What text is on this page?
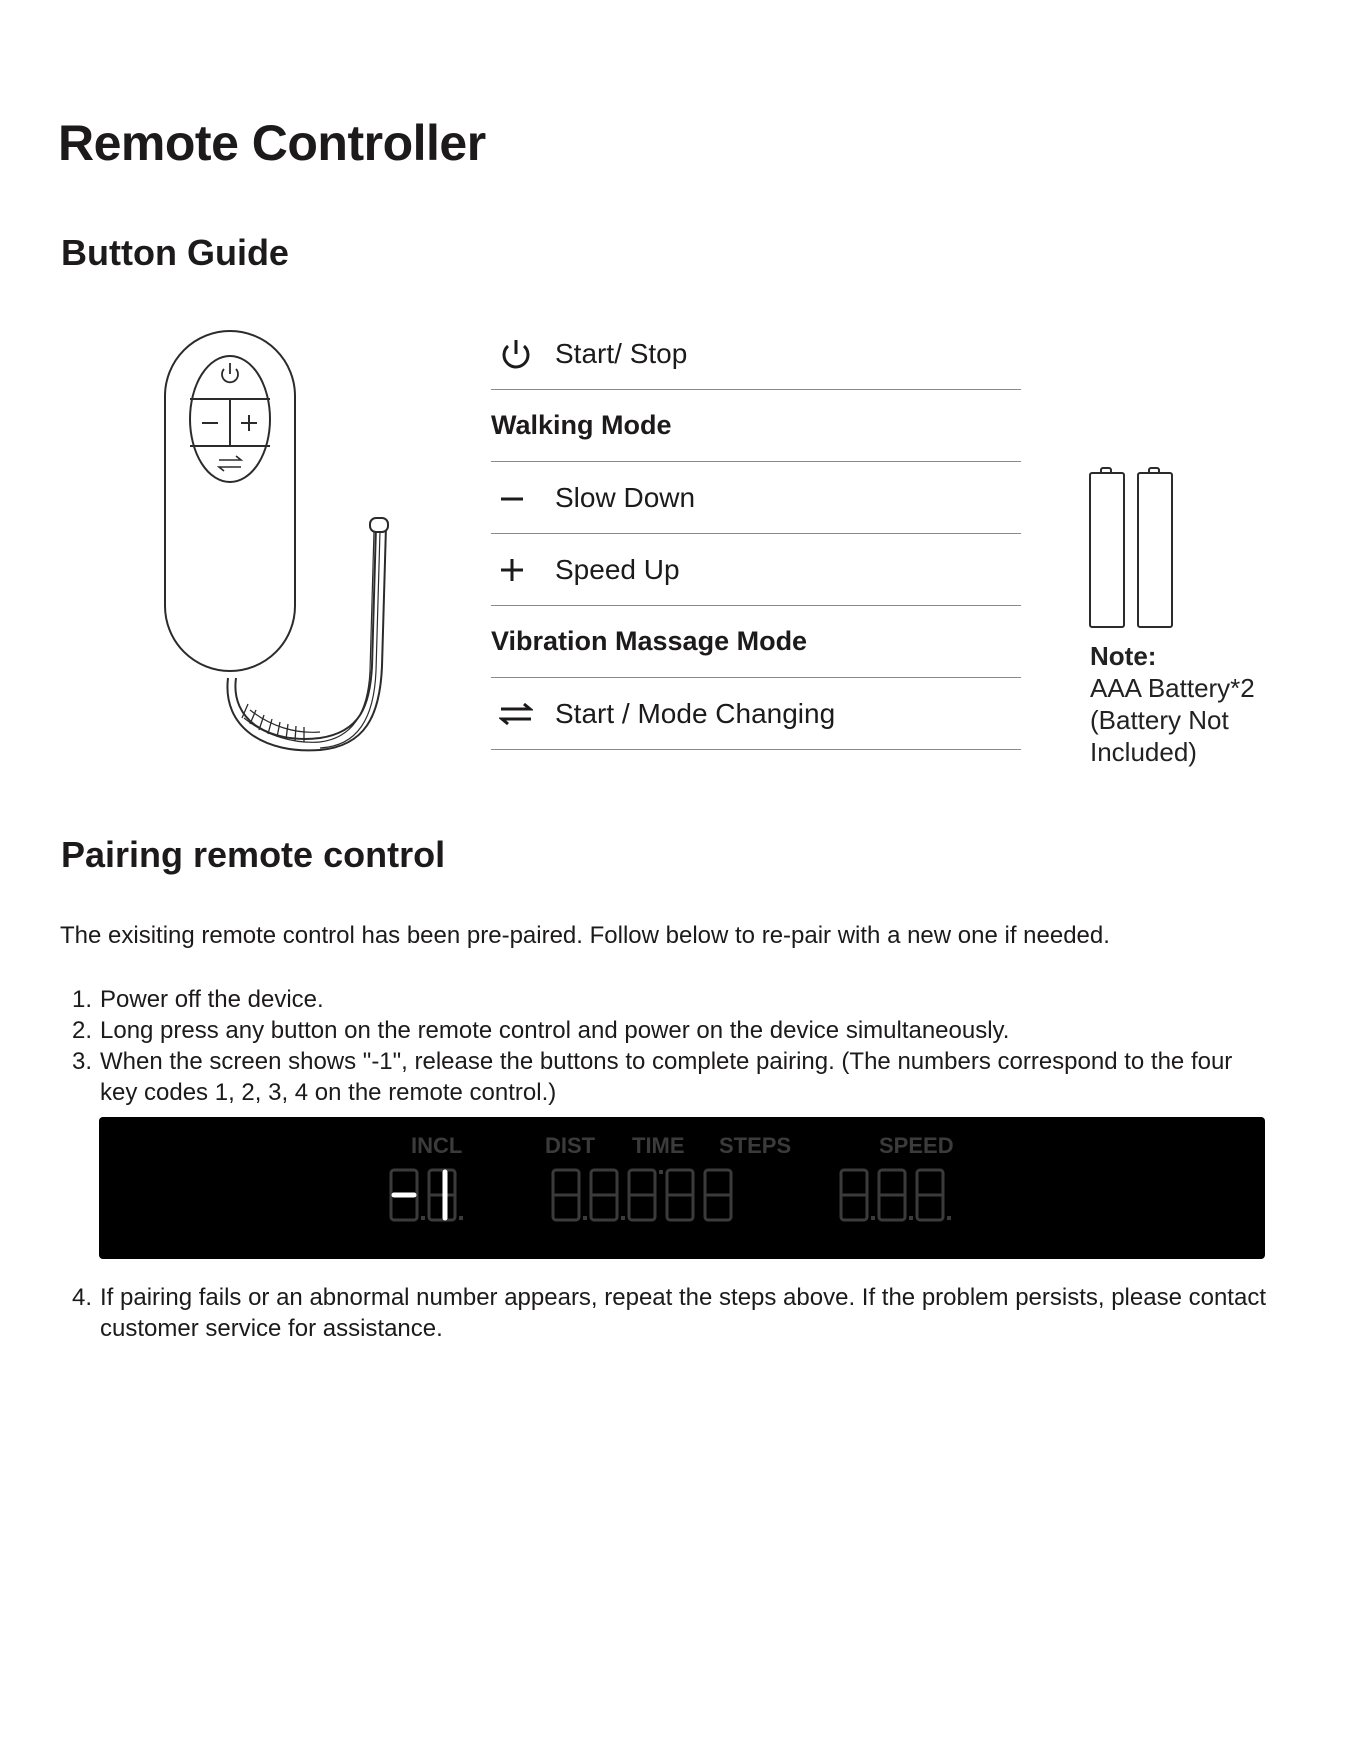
Remote Controller
Button Guide
Start/ Stop
Walking Mode
Slow Down
Speed Up
Vibration Massage Mode
Start / Mode Changing
Note:
AAA Battery*2
(Battery Not
Included)
Pairing remote control
The exisiting remote control has been pre-paired. Follow below to re-pair with a new one if needed.
1. Power off the device.
2. Long press any button on the remote control and power on the device simultaneously.
3. When the screen shows "-1", release the buttons to complete pairing. (The numbers correspond to the four key codes 1, 2, 3, 4 on the remote control.)
INCL	DIST TIME STEPS	SPEED
4. If pairing fails or an abnormal number appears, repeat the steps above. If the problem persists, please contact customer service for assistance.
